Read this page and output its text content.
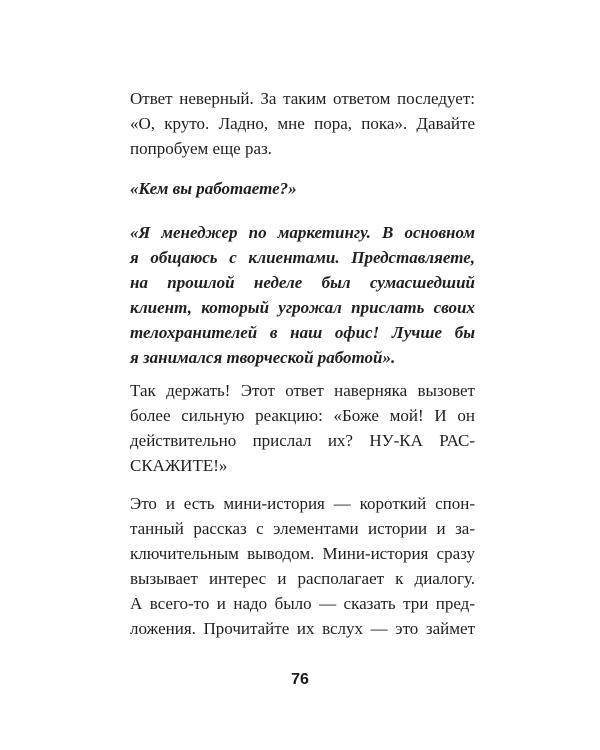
Ответ неверный. За таким ответом последует:
«О, круто. Ладно, мне пора, пока». Давайте
попробуем еще раз.
«Кем вы работаете?»
«Я менеджер по маркетингу. В основном
я общаюсь с клиентами. Представляете,
на прошлой неделе был сумасшедший
клиент, который угрожал прислать своих
телохранителей в наш офис! Лучше бы
я занимался творческой работой».
Так держать! Этот ответ наверняка вызовет
более сильную реакцию: «Боже мой! И он
действительно прислал их? НУ-КА РАС-
СКАЖИТЕ!»
Это и есть мини-история — короткий спон-
танный рассказ с элементами истории и за-
ключительным выводом. Мини-история сразу
вызывает интерес и располагает к диалогу.
А всего-то и надо было — сказать три пред-
ложения. Прочитайте их вслух — это займет
76
